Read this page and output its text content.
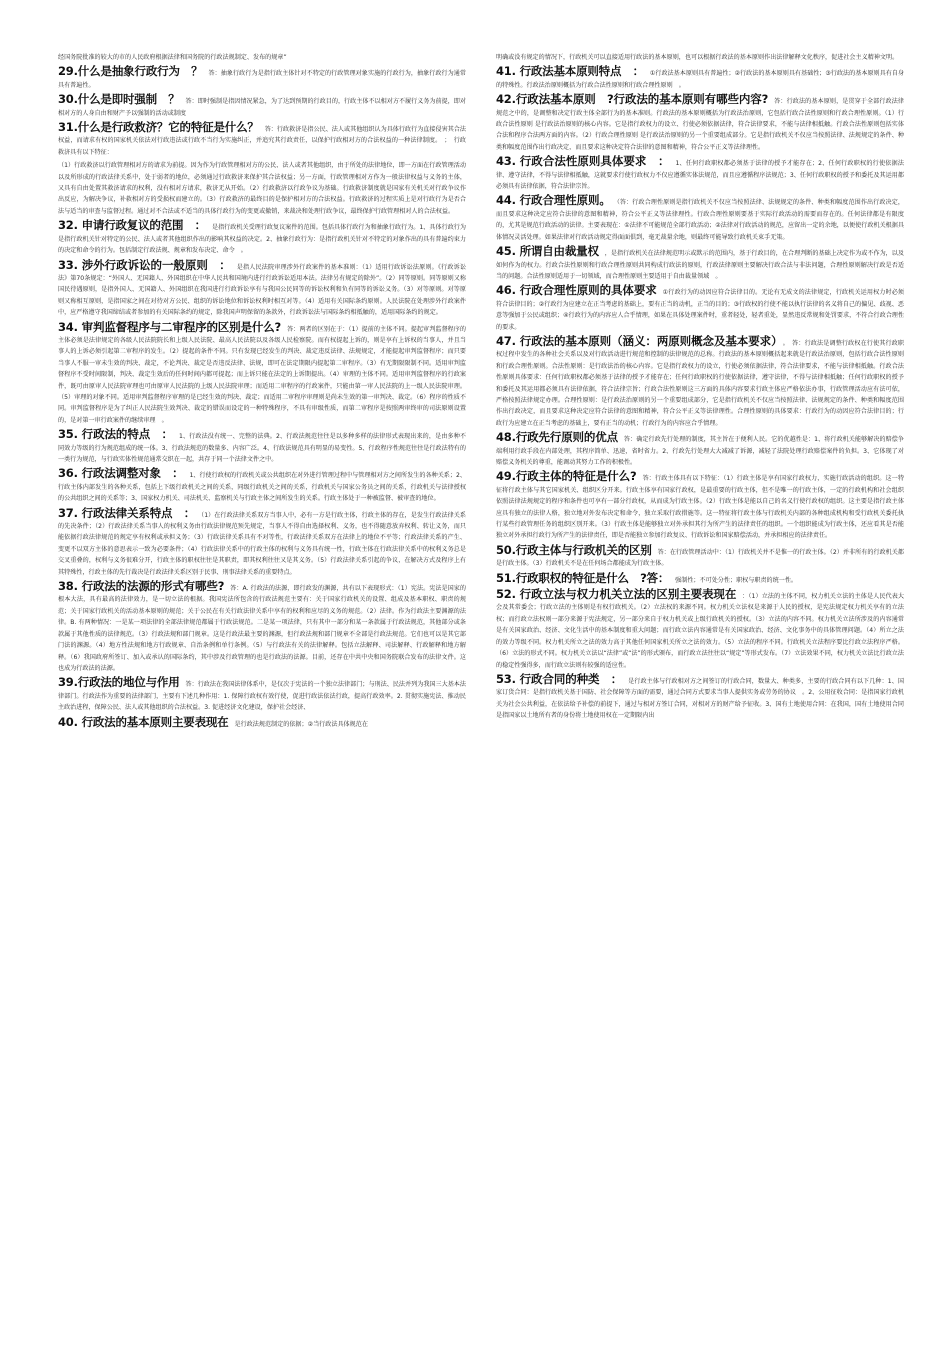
经国务院批准的较大的市的人民政府根据法律和国务院的行政法规制定、发布的规章”

29.什么是抽象行政行为　？ 答：抽象行政行为是指行政主体针对不特定的行政管理对象实施的行政行为，抽象行政行为通常具有普遍性。

30.什么是即时强制　？ 答：即时强制是指因情况紧急，为了达到预期的行政目的，行政主体不以相对方不履行义务为前提，即对相对方的人身自由和财产予以强制的活动或制度

31.什么是行政救济？它的特征是什么？ 答：行政救济是指公民、法人或其他组织认为具体行政行为直接侵害其合法权益，而请求有权的国家机关依法对行政违法或行政不当行为实施纠正，并追究其行政责任，以保护行政相对方的合法权益的一种法律制度。　；　行政救济具有以下特征：

（1）行政救济以行政管理相对方的请求为前提。因为作为行政管理相对方的公民、法人或者其他组织，由于所处的法律地位，即一方面在行政管理活动以及所形成的行政法律关系中，处于弱者的地位，必须通过行政救济来保护其合法权益；另一方面，行政管理相对方作为一般法律权益与义务的主体，又具有自由处置其救济请求的权利，没有相对方请求，救济无从开始。（2）行政救济以行政争议为基础。行政救济制度就是国家有关机关对行政争议作出反应，为解决争议，补救相对方的受损权而建立的。（3）行政救济的最终目的是保护相对方的合法权益。行政救济的过程实质上是对行政行为是否合法与适当的审查与监督过程。通过对不合法或不适当的具体行政行为的变更或撤销，来裁决和处理行政争议，最终保护行政管理相对人的合法权益。

32. 申请行政复议的范围　： 是指行政机关受理行政复议案件的范围。包括具体行政行为和抽象行政行为。1、具体行政行为是指行政机关针对特定的公民、法人或者其他组织作出的影响其权益的决定。2、抽象行政行为：是指行政机关针对不特定的对象作出的具有普遍约束力的决定和命令的行为。包括制定行政法规、规章和发布决定、命令　。

33. 涉外行政诉讼的一般原则　： 是指人民法院审理涉外行政案件的基本准则：（1）适用行政诉讼法原则。《行政诉讼法》第70条规定：“外国人、无国籍人、外国组织在中华人民共和国境内进行行政诉讼适用本法。法律另有规定的除外”。（2）同等原则。同等原则又称国民待遇原则，是指外国人、无国籍人、外国组织在我国进行行政诉讼享有与我国公民同等的诉讼权利和负有同等的诉讼义务。（3）对等原则。对等原则又称相互原则，是指国家之间在对待对方公民、组织的诉讼地位和诉讼权利时相互对等。（4）适用有关国际条约原则。人民法院在处理涉外行政案件中，应严格遵守我国缔结或者参加的有关国际条约的规定，除我国声明保留的条款外，行政诉讼法与国际条约相抵触的，适用国际条约的规定。

34. 审判监督程序与二审程序的区别是什么? 答：两者的区别在于：（1）提前的主体不同。提起审判监督程序的主体必须是法律规定的各级人民法院院长和上级人民法院、最高人民法院以及各级人民检察院。而有权提起上诉的，则是享有上诉权的当事人，并且当事人的上诉必须引起第二审程序的发生。（2）提起的条件不同。只有发现已经发生的判决、裁定违反法律、法规规定，才能提起审判监督程序；而只要当事人不服一审未生效的判决、裁定，不论判决、裁定是否违反法律、法规，即可在法定期限内提起第二审程序。（3）有无期限限制不同。适用审判监督程序不受时间限制，判决、裁定生效后的任何时间内都可提起；而上诉只能在法定的上诉期提出。（4）审理的主体不同。适用审判监督程序的行政案件，既可由原审人民法院审理也可由原审人民法院的上级人民法院审理；而适用二审程序的行政案件，只能由第一审人民法院的上一级人民法院审理。（5）审理的对象不同。适用审判监督程序审理的是已经生效的判决、裁定；而适用二审程序审理则是尚未生效的第一审判决、裁定。（6）程序的性质不同。审判监督程序是为了纠正人民法院生效判决、裁定的错误而设定的一种特殊程序，不具有审级性质，而第二审程序是按照两审终审的司法原则设置的，是对第一审行政案件的继续审理　。

35. 行政法的特点　： 1、行政法没有统一、完整的法典。2、行政法规范往往是以多种多样的法律形式表现出来的，是由多种不同效力等级的行为规范组成的统一体。3、行政法规范的数量多、内容广泛。4、行政法规范具有明显的易变性。5、行政程序性规范往往是行政法特有的一类行为规范，与行政实体性规范通常交织在一起，共存于同一个法律文件之中。

36. 行政法调整对象　： 1、行使行政权的行政机关或公共组织在对外进行管理过程中与管理相对方之间所发生的各种关系；2、行政主体内部发生的各种关系，包括上下级行政机关之间的关系，同级行政机关之间的关系，行政机关与国家公务员之间的关系，行政机关与法律授权的公共组织之间的关系等；3、国家权力机关、司法机关、监察机关与行政主体之间所发生的关系。行政主体处于一种被监督、被审查的地位。

37. 行政法律关系特点　： （1）在行政法律关系双方当事人中，必有一方是行政主体，行政主体的存在，是发生行政法律关系的先决条件；（2）行政法律关系当事人的权利义务由行政法律规范预先规定，当事人不得自由选择权利、义务，也不得随意放弃权利、转让义务，而只能依据行政法律规范的规定享有权利或承担义务；（3）行政法律关系具有不对等性，行政法律关系双方在法律上的地位不平等；行政法律关系的产生、变更不以双方主体的意思表示一致为必要条件；（4）行政法律关系中的行政主体的权利与义务具有统一性，行政主体在行政法律关系中的权利义务总是交叉重叠的，权利与义务很难分开，行政主体的职权往往是其职责，即其权利往往又是其义务。（5）行政法律关系引起的争议，在解决方式及程序上有其特殊性，行政主体的先行裁决是行政法律关系区别于民事、刑事法律关系的重要特点。

38. 行政法的法源的形式有哪些? 答：A. 行政法的法源，即行政发的渊源，共有以下表现形式：（1）宪法。宪法是国家的根本大法，具有最高的法律效力，是一切立法的根据。我国宪法所包含的行政法规范主要有：关于国家行政机关的设置、组成及基本职权、职责的规范；关于国家行政机关的活动基本原则的规范；关于公民在有关行政法律关系中享有的权利和应尽的义务的规范。（2）法律。作为行政法主要渊源的法律。B. 有两种情况：一是某一项法律的全部法律规范都属于行政法规范。二是某一项法律，只有其中一部分和某一条款属于行政法规范，其他部分或条款属于其他性质的法律规范。（3）行政法规和部门规章。这是行政法最主要的渊源，但行政法规和部门规章不全部是行政法规范。它们也可以是其它部门法的渊源。（4）地方性法规和地方行政规章、自治条例和单行条例。（5）与行政法有关的法律解释。包括立法解释、司法解释、行政解释和地方解释。（6）我国政府所签订、加入或承认的国际条约，其中涉及行政管理的也是行政法的法源。目前，还存在中共中央和国务院联合发布的法律文件。这也成为行政法的法源。

39.行政法的地位与作用 答：行政法在我国法律体系中，是仅次于宪法的一个独立法律部门；与刑法、民法并列为我国三大基本法律部门。行政法作为重要的法律部门，主要有下述几种作用：1. 保障行政权有效行使，促进行政法依法行政，提高行政效率。2. 贯彻实施宪法、推动民主政治进程，保障公民、法人或其他组织的合法权益。3. 促进经济文化建设，保护社会经济、

40. 行政法的基本原则主要表现在 是行政法规范制定的依据；②当行政法具体规范在

明确或没有规定的情况下，行政机关可以直接适用行政法的基本原则，也可以根据行政法的基本原则作出法律解释文化秩序，促进社会主义精神文明。

41. 行政法基本原则特点　： ①行政法基本原则具有普遍性；②行政法的基本原则具有基础性；③行政法的基本原则具有自身的特殊性。行政法治原则概括为行政合法性原则和行政合理性原则　。

42.行政法基本原则　?行政法的基本原则有哪些内容? 答：行政法的基本原则，是贯穿于全部行政法律规范之中的，是调整和决定行政主体全部行为的基本准则。行政法的基本原则概括为行政法治原则，它包括行政合法性原则和行政合理性原则。（1）行政合法性原则 是行政法治原则的核心内容。它是指行政权力的设立、行使必须依据法律，符合法律要求，不能与法律相抵触。行政合法性原则包括实体合法和程序合法两方面的内容。（2）行政合理性原则 是行政法治原则的另一个重要组成部分。它是指行政机关不仅应当按照法律、法规规定的条件、种类和幅度范围作出行政决定，而且要求这种决定符合法律的意图和精神，符合公平正义等法律理性。

43. 行政合法性原则具体要求　： 1、任何行政职权都必须基于法律的授予才能存在；2、任何行政职权的行使依据法律、遵守法律，不得与法律相抵触，这就要求行使行政权力不仅应遵循实体法规范，而且应遵循程序法规范；3、任何行政职权的授予和委托及其运用都必须具有法律依据，符合法律宗旨。

44. 行政合理性原则。 （答：行政合理性原则是指行政机关不仅应当按照法律、法规规定的条件、种类和幅度范围作出行政决定，而且要求这种决定应符合法律的意图和精神，符合公平正义等法律理性。行政合理性原则要基于实际行政活动的需要而存在的。任何法律都是有限度的，尤其是规范行政活动的法律。主要表现在：①法律不可能规范全部行政活动；②法律对行政活动的规范，应留出一定的余地，以便使行政机关根据具体情况灵活处理。如果法律对行政活动规定得面面俱到，毫无裁量余地，则最终可能导致行政机关束手无策。

45. 所谓自由裁量权 ，是指行政机关在法律规范明示或默示的范围内，基于行政目的，在合理判断的基础上决定作为或不作为，以及如何作为的权力。行政合法性原则和行政合理性原则共同构成行政法的原则，行政法律原则主要解决行政合法与非法问题，合理性原则解决行政是否适当的问题。合法性原则适用于一切领域，而合理性原则主要适用于自由裁量领域　。

46. 行政合理性原则的具体要求 ①行政行为的动因应符合法律目的。无论有无成文的法律规定，行政机关运用权力时必须符合法律目的；②行政行为应建立在正当考虑的基础上，要有正当的动机，正当的目的；③行政权的行使不能以执行法律的名义将自己的偏见、歧视、恶意等强加于公民或组织；④行政行为的内容应人合乎情理，如果在具体处理案件时，重者轻处，轻者重处，显然违反常规和处罚要求，不符合行政合理性的要求。　

47. 行政法的基本原则（涵义：两原则概念及基本要求） 。　答：行政法是调整行政权在行使其行政职权过程中发生的各种社会关系以及对行政活动进行规范和控制的法律规范的总称。行政法的基本原则概括起来就是行政法治原则，包括行政合法性原则和行政合理性原则。合法性原则：是行政法治的核心内容。它是指行政权力的设立，行使必须依据法律，符合法律要求，不能与法律相抵触。行政合法性原则具体要求：任何行政职权都必须基于法律的授予才能存在；任何行政职权的行使依据法律，遵守法律，不得与法律相抵触；任何行政职权的授予和委托及其运用都必须具有法律依据，符合法律宗旨；行政合法性原则这三方面的具体内容要求行政主体应严格依法办事，行政管理活动应有法可依，严格按照法律规定办理。合理性原则：是行政法治原则的另一个重要组成部分，它是指行政机关不仅应当按照法律、法规规定的条件、种类和幅度范围作出行政决定，而且要求这种决定应符合法律的意图和精神，符合公平正义等法律理性。合理性原则的具体要求：行政行为的动因应符合法律目的；行政行为应建立在正当考虑的基础上，要有正当的动机；行政行为的内容应合乎情理。

48.行政先行原则的优点 答：确定行政先行处理的制度，其主旨在于便利人民。它的优越性是：1、将行政机关能够解决的赔偿争端利用行政手段在内部处理，其程序简单、迅速，省时省力。2、行政先行处理大大减减了诉源，减轻了法院处理行政赔偿案件的负担。3、它体现了对赔偿义务机关的尊重，能调动其努力工作的积极性。

49.行政主体的特征是什么? 答：行政主体具有以下特征：（1）行政主体是享有国家行政权力，实施行政活动的组织。这一特征将行政主体与其它国家机关、组织区分开来。行政主体享有国家行政权，是最重要的行政主体，但不是唯一的行政主体，一定的行政机构和社会组织依照法律法规规定的程序和条件也可享有一部分行政权，从而成为行政主体。（2）行政主体是能以自己的名义行使行政权的组织。这主要是指行政主体应具有独立的法律人格，独立地对外发布决定和命令，独立采取行政措施等。这一特征将行政主体与行政机关内部的各种组成机构和受行政机关委托执行某些行政管理任务的组织区别开来。（3）行政主体是能够独立对外承担其行为所产生的法律责任的组织。一个组织能成为行政主体，还应看其是否能独立对外承担行政行为所产生的法律责任，即是否能独立参加行政复议、行政诉讼和国家赔偿活动，并承担相应的法律责任。

50.行政主体与行政机关的区别 答：在行政管理活动中：（1）行政机关并不是惟一的行政主体。（2）并非所有的行政机关都是行政主体。（3）行政机关不是在任何场合都能成为行政主体。

51.行政职权的特征是什么　?答： 强制性；不可处分性；职权与职责的统一性。

52. 行政立法与权力机关立法的区别主要表现在 ：（1）立法的主体不同，权力机关立法的主体是人民代表大会及其常委会；行政立法的主体则是有权行政机关。（2）立法权的来源不同。权力机关立法权是来源于人民的授权，是宪法规定权力机关享有的立法权；而行政立法权则一部分来源于宪法规定，另一部分来自于权力机关或上级行政机关的授权。（3）立法的内容不同。权力机关立法所涉及的内容通常是有关国家政治、经济、文化生活中的基本制度和重大问题；而行政立法内容通常是有关国家政治、经济、文化事务中的具体管理问题。（4）所立之法的效力等级不同。权力机关所立之法的效力高于其他任何国家机关所立之法的效力。（5）立法的程序不同。行政机关立法程序要比行政立法程序严格。（6）立法的形式不同。权力机关立法以“法律”或“法”的形式颁布，而行政立法往往以“规定”等形式发布。（7）立法效果不同，权力机关立法比行政立法的稳定性强得多，而行政立法则有较强的适应性。

53. 行政合同的种类　： 是行政主体与行政相对方之间签订的行政合同，数量大、种类多，主要的行政合同有以下几种：1、国家订货合同：是指行政机关基于国防、社会保障等方面的需要，通过合同方式要求当事人提供实务或劳务的协议　。2、公用征收合同：是指国家行政机关为社会公共利益，在依法给予补偿的前提下，通过与相对方签订合同，对相对方的财产给予征收。3、国有土地使用合同：在我国，国有土地使用合同是指国家以土地所有者的身份将土地使用权在一定期限内出
